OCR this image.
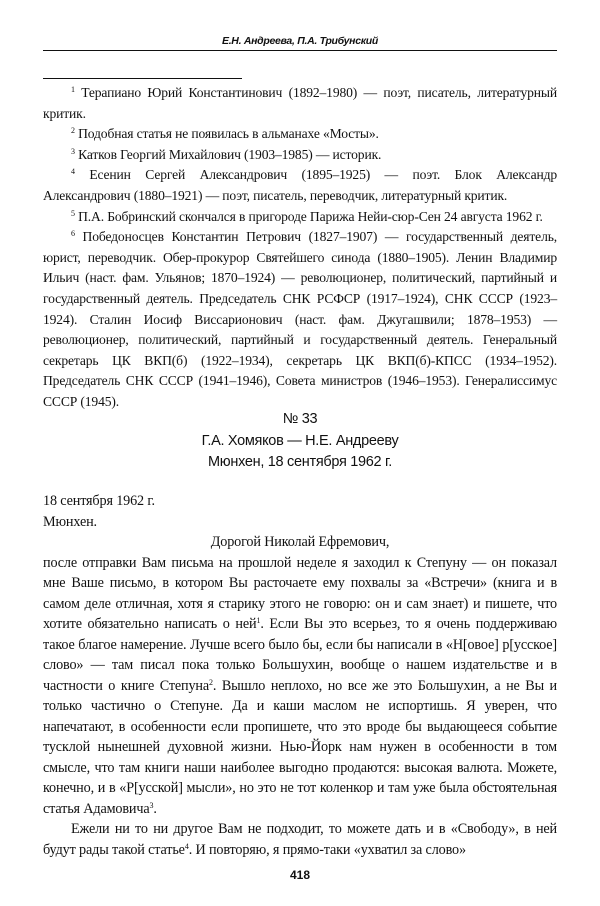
Е.Н. Андреева, П.А. Трибунский

$^1$ Терапиано Юрий Константинович (1892–1980) — поэт, писатель, литературный критик.

$^2$ Подобная статья не появилась в альманахе «Мосты».

$^3$ Катков Георгий Михайлович (1903–1985) — историк.

$^4$ Есенин Сергей Александрович (1895–1925) — поэт. Блок Александр Александрович (1880–1921) — поэт, писатель, переводчик, литературный критик.

$^5$ П.А. Бобринский скончался в пригороде Парижа Нейи-сюр-Сен 24 августа 1962 г.

$^6$ Победоносцев Константин Петрович (1827–1907) — государственный деятель, юрист, переводчик. Обер-прокурор Святейшего синода (1880–1905). Ленин Владимир Ильич (наст. фам. Ульянов; 1870–1924) — революционер, политический, партийный и государственный деятель. Председатель СНК РСФСР (1917–1924), СНК СССР (1923–1924). Сталин Иосиф Виссарионович (наст. фам. Джугашвили; 1878–1953) — революционер, политический, партийный и государственный деятель. Генеральный секретарь ЦК ВКП(б) (1922–1934), секретарь ЦК ВКП(б)-КПСС (1934–1952). Председатель СНК СССР (1941–1946), Совета министров (1946–1953). Генералиссимус СССР (1945).

№ 33
Г.А. Хомяков — Н.Е. Андрееву
Мюнхен, 18 сентября 1962 г.

18 сентября 1962 г.

Мюнхен.

Дорогой Николай Ефремович,

после отправки Вам письма на прошлой неделе я заходил к Степуну — он показал мне Ваше письмо, в котором Вы расточаете ему похвалы за «Встречи» (книга и в самом деле отличная, хотя я старику этого не говорю: он и сам знает) и пишете, что хотите обязательно написать о ней$^1$. Если Вы это всерьез, то я очень поддерживаю такое благое намерение. Лучше всего было бы, если бы написали в «Н[овое] р[усское] слово» — там писал пока только Большухин, вообще о нашем издательстве и в частности о книге Степуна$^2$. Вышло неплохо, но все же это Большухин, а не Вы и только частично о Степуне. Да и каши маслом не испортишь. Я уверен, что напечатают, в особенности если пропишете, что это вроде бы выдающееся событие тусклой нынешней духовной жизни. Нью-Йорк нам нужен в особенности в том смысле, что там книги наши наиболее выгодно продаются: высокая валюта. Можете, конечно, и в «Р[усской] мысли», но это не тот коленкор и там уже была обстоятельная статья Адамовича$^3$.

Ежели ни то ни другое Вам не подходит, то можете дать и в «Свободу», в ней будут рады такой статье$^4$. И повторяю, я прямо-таки «ухватил за слово»

418
